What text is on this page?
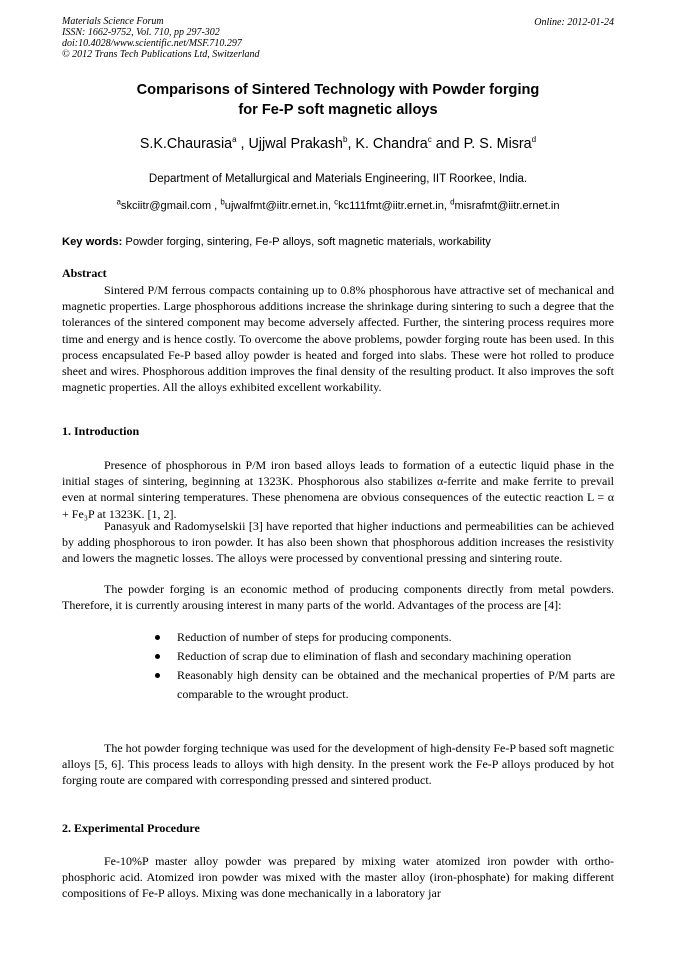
Materials Science Forum
ISSN: 1662-9752, Vol. 710, pp 297-302
doi:10.4028/www.scientific.net/MSF.710.297
© 2012 Trans Tech Publications Ltd, Switzerland
Online: 2012-01-24
Comparisons of Sintered Technology with Powder forging
for Fe-P soft magnetic alloys
S.K.Chaurasia$^a$ , Ujjwal Prakash$^b$, K. Chandra$^c$ and P. S. Misra$^d$
Department of Metallurgical and Materials Engineering, IIT Roorkee, India.
$^a$skciitr@gmail.com , $^b$ujwalfmt@iitr.ernet.in, $^c$kc111fmt@iitr.ernet.in, $^d$misrafmt@iitr.ernet.in
Key words: Powder forging, sintering, Fe-P alloys, soft magnetic materials, workability
Abstract
Sintered P/M ferrous compacts containing up to 0.8% phosphorous have attractive set of mechanical and magnetic properties. Large phosphorous additions increase the shrinkage during sintering to such a degree that the tolerances of the sintered component may become adversely affected. Further, the sintering process requires more time and energy and is hence costly. To overcome the above problems, powder forging route has been used. In this process encapsulated Fe-P based alloy powder is heated and forged into slabs. These were hot rolled to produce sheet and wires. Phosphorous addition improves the final density of the resulting product. It also improves the soft magnetic properties. All the alloys exhibited excellent workability.
1. Introduction
Presence of phosphorous in P/M iron based alloys leads to formation of a eutectic liquid phase in the initial stages of sintering, beginning at 1323K. Phosphorous also stabilizes α-ferrite and make ferrite to prevail even at normal sintering temperatures. These phenomena are obvious consequences of the eutectic reaction L = α + Fe₃P at 1323K. [1, 2].
Panasyuk and Radomyselskii [3] have reported that higher inductions and permeabilities can be achieved by adding phosphorous to iron powder. It has also been shown that phosphorous addition increases the resistivity and lowers the magnetic losses. The alloys were processed by conventional pressing and sintering route.
The powder forging is an economic method of producing components directly from metal powders. Therefore, it is currently arousing interest in many parts of the world. Advantages of the process are [4]:
Reduction of number of steps for producing components.
Reduction of scrap due to elimination of flash and secondary machining operation
Reasonably high density can be obtained and the mechanical properties of P/M parts are comparable to the wrought product.
The hot powder forging technique was used for the development of high-density Fe-P based soft magnetic alloys [5, 6]. This process leads to alloys with high density. In the present work the Fe-P alloys produced by hot forging route are compared with corresponding pressed and sintered product.
2. Experimental Procedure
Fe-10%P master alloy powder was prepared by mixing water atomized iron powder with ortho-phosphoric acid. Atomized iron powder was mixed with the master alloy (iron-phosphate) for making different compositions of Fe-P alloys. Mixing was done mechanically in a laboratory jar
